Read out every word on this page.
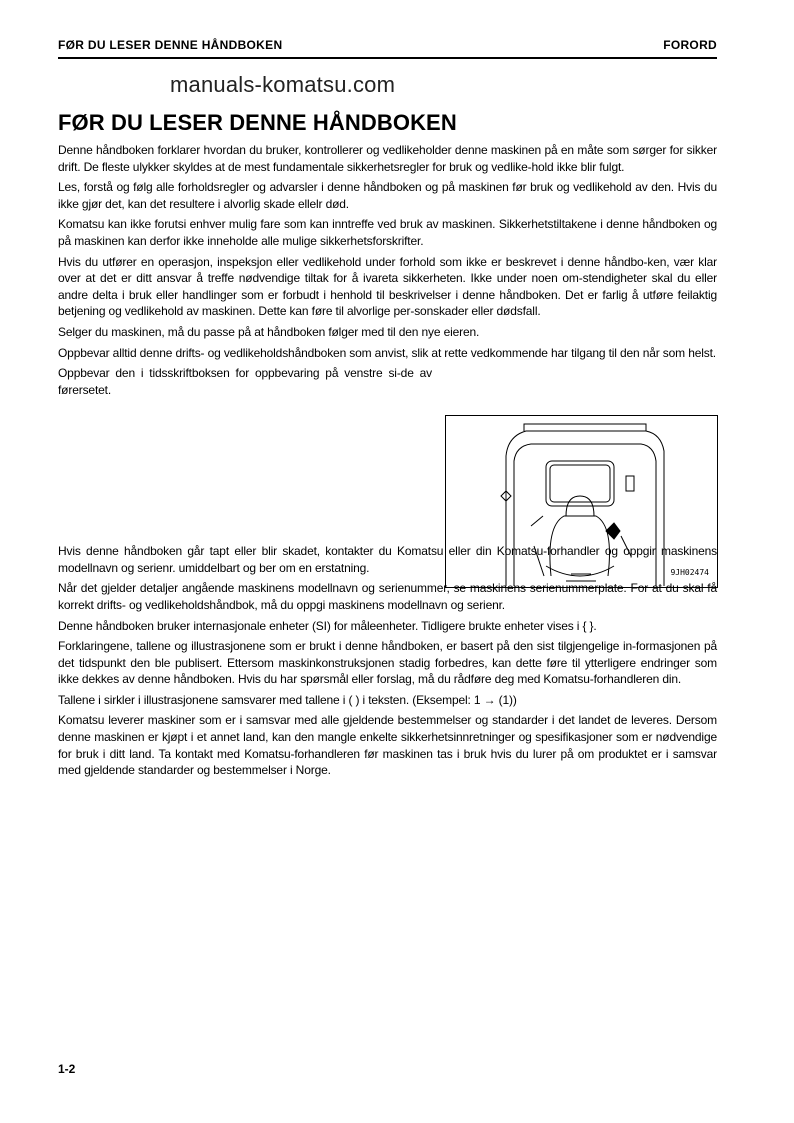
FØR DU LESER DENNE HÅNDBOKEN	FORORD
manuals-komatsu.com
FØR DU LESER DENNE HÅNDBOKEN

Denne håndboken forklarer hvordan du bruker, kontrollerer og vedlikeholder denne maskinen på en måte som sørger for sikker drift. De fleste ulykker skyldes at de mest fundamentale sikkerhetsregler for bruk og vedlike-hold ikke blir fulgt.

Les, forstå og følg alle forholdsregler og advarsler i denne håndboken og på maskinen før bruk og vedlikehold av den. Hvis du ikke gjør det, kan det resultere i alvorlig skade ellelr død.

Komatsu kan ikke forutsi enhver mulig fare som kan inntreffe ved bruk av maskinen. Sikkerhetstiltakene i denne håndboken og på maskinen kan derfor ikke inneholde alle mulige sikkerhetsforskrifter.

Hvis du utfører en operasjon, inspeksjon eller vedlikehold under forhold som ikke er beskrevet i denne håndbo-ken, vær klar over at det er ditt ansvar å treffe nødvendige tiltak for å ivareta sikkerheten. Ikke under noen om-stendigheter skal du eller andre delta i bruk eller handlinger som er forbudt i henhold til beskrivelser i denne håndboken. Det er farlig å utføre feilaktig betjening og vedlikehold av maskinen. Dette kan føre til alvorlige per-sonskader eller dødsfall.

Selger du maskinen, må du passe på at håndboken følger med til den nye eieren.

Oppbevar alltid denne drifts- og vedlikeholdshåndboken som anvist, slik at rette vedkommende har tilgang til den når som helst.

Oppbevar den i tidsskriftboksen for oppbevaring på venstre si-de av førersetet.

Hvis denne håndboken går tapt eller blir skadet, kontakter du Komatsu eller din Komatsu-forhandler og oppgir maskinens modellnavn og serienr. umiddelbart og ber om en erstatning.

Når det gjelder detaljer angående maskinens modellnavn og serienummer, se maskinens serienummerplate. For at du skal få korrekt drifts- og vedlikeholdshåndbok, må du oppgi maskinens modellnavn og serienr.

Denne håndboken bruker internasjonale enheter (SI) for måleenheter. Tidligere brukte enheter vises i { }.

Forklaringene, tallene og illustrasjonene som er brukt i denne håndboken, er basert på den sist tilgjengelige in-formasjonen på det tidspunkt den ble publisert. Ettersom maskinkonstruksjonen stadig forbedres, kan dette føre til ytterligere endringer som ikke dekkes av denne håndboken. Hvis du har spørsmål eller forslag, må du rådføre deg med Komatsu-forhandleren din.

Tallene i sirkler i illustrasjonene samsvarer med tallene i ( ) i teksten. (Eksempel: 1 → (1))

Komatsu leverer maskiner som er i samsvar med alle gjeldende bestemmelser og standarder i det landet de leveres. Dersom denne maskinen er kjøpt i et annet land, kan den mangle enkelte sikkerhetsinnretninger og spesifikasjoner som er nødvendige for bruk i ditt land. Ta kontakt med Komatsu-forhandleren før maskinen tas i bruk hvis du lurer på om produktet er i samsvar med gjeldende standarder og bestemmelser i Norge.

9JH02474
1-2
